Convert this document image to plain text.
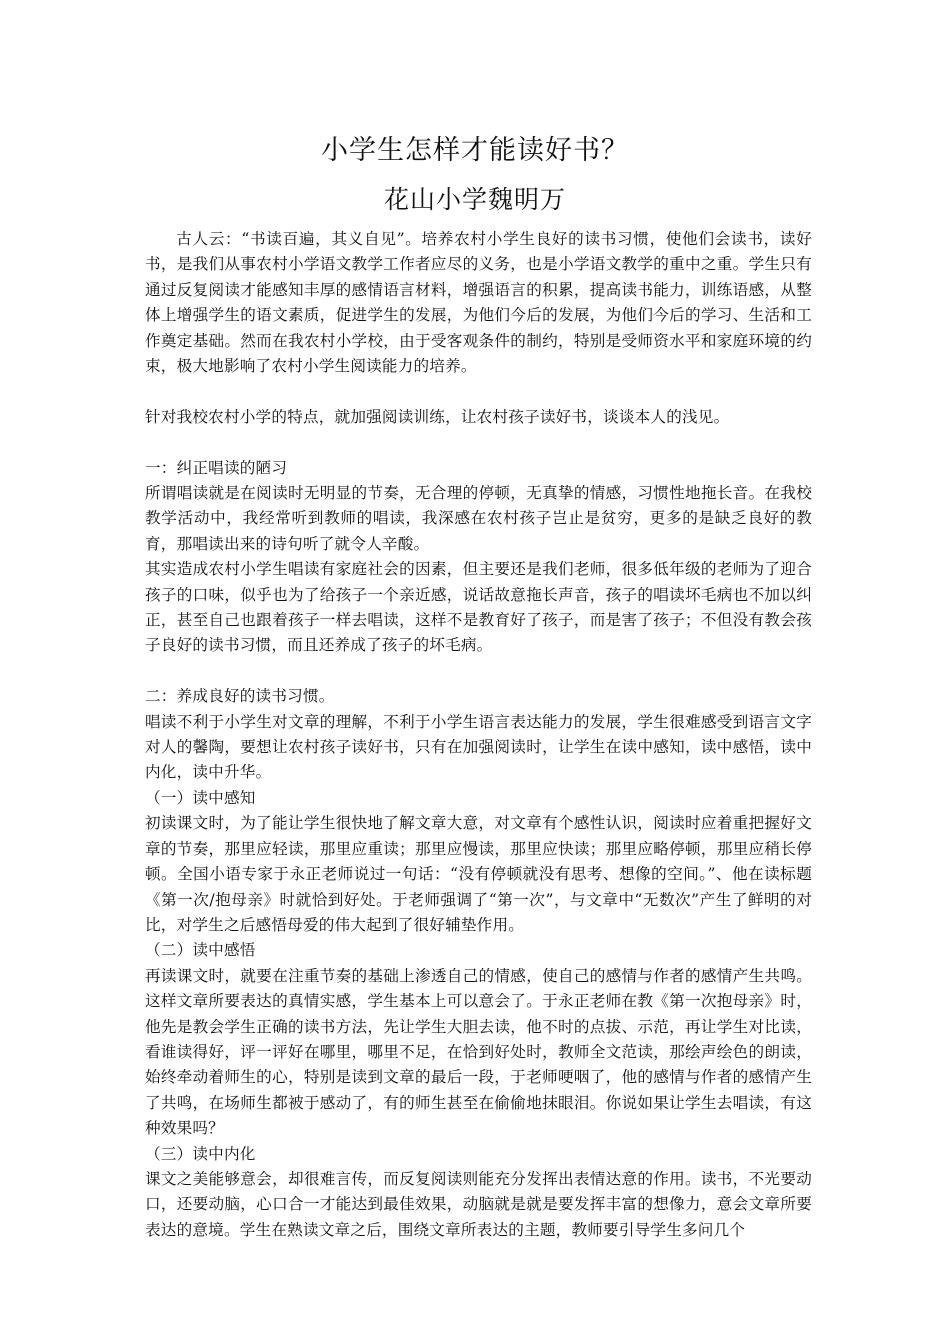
小学生怎样才能读好书？
花山小学魏明万

古人云：“书读百遍，其义自见”。培养农村小学生良好的读书习惯，使他们会读书，读好书，是我们从事农村小学语文教学工作者应尽的义务，也是小学语文教学的重中之重。学生只有通过反复阅读才能感知丰厚的感情语言材料，增强语言的积累，提高读书能力，训练语感，从整体上增强学生的语文素质，促进学生的发展，为他们今后的发展，为他们今后的学习、生活和工作奠定基础。然而在我农村小学校，由于受客观条件的制约，特别是受师资水平和家庭环境的约束，极大地影响了农村小学生阅读能力的培养。

针对我校农村小学的特点，就加强阅读训练，让农村孩子读好书，谈谈本人的浅见。

一：纠正唱读的陋习

所谓唱读就是在阅读时无明显的节奏，无合理的停顿，无真挚的情感，习惯性地拖长音。在我校教学活动中，我经常听到教师的唱读，我深感在农村孩子岂止是贫穷，更多的是缺乏良好的教育，那唱读出来的诗句听了就令人辛酸。

其实造成农村小学生唱读有家庭社会的因素，但主要还是我们老师，很多低年级的老师为了迎合孩子的口味，似乎也为了给孩子一个亲近感，说话故意拖长声音，孩子的唱读坏毛病也不加以纠正，甚至自己也跟着孩子一样去唱读，这样不是教育好了孩子，而是害了孩子；不但没有教会孩子良好的读书习惯，而且还养成了孩子的坏毛病。

二：养成良好的读书习惯。

唱读不利于小学生对文章的理解，不利于小学生语言表达能力的发展，学生很难感受到语言文字对人的馨陶，要想让农村孩子读好书，只有在加强阅读时，让学生在读中感知，读中感悟，读中内化，读中升华。

（一）读中感知

初读课文时，为了能让学生很快地了解文章大意，对文章有个感性认识，阅读时应着重把握好文章的节奏，那里应轻读，那里应重读；那里应慢读，那里应快读；那里应略停顿，那里应稍长停顿。全国小语专家于永正老师说过一句话：“没有停顿就没有思考、想像的空间。”、他在读标题《第一次/抱母亲》时就恰到好处。于老师强调了“第一次”，与文章中“无数次”产生了鲜明的对比，对学生之后感悟母爱的伟大起到了很好辅垫作用。

（二）读中感悟

再读课文时，就要在注重节奏的基础上渗透自己的情感，使自己的感情与作者的感情产生共鸣。这样文章所要表达的真情实感，学生基本上可以意会了。于永正老师在教《第一次抱母亲》时，他先是教会学生正确的读书方法，先让学生大胆去读，他不时的点拔、示范，再让学生对比读，看谁读得好，评一评好在哪里，哪里不足，在恰到好处时，教师全文范读，那绘声绘色的朗读，始终牵动着师生的心，特别是读到文章的最后一段，于老师哽咽了，他的感情与作者的感情产生了共鸣，在场师生都被于感动了，有的师生甚至在偷偷地抹眼泪。你说如果让学生去唱读，有这种效果吗？

（三）读中内化

课文之美能够意会，却很难言传，而反复阅读则能充分发挥出表情达意的作用。读书，不光要动口，还要动脑，心口合一才能达到最佳效果，动脑就是就是要发挥丰富的想像力，意会文章所要表达的意境。学生在熟读文章之后，围绕文章所表达的主题，教师要引导学生多问几个
